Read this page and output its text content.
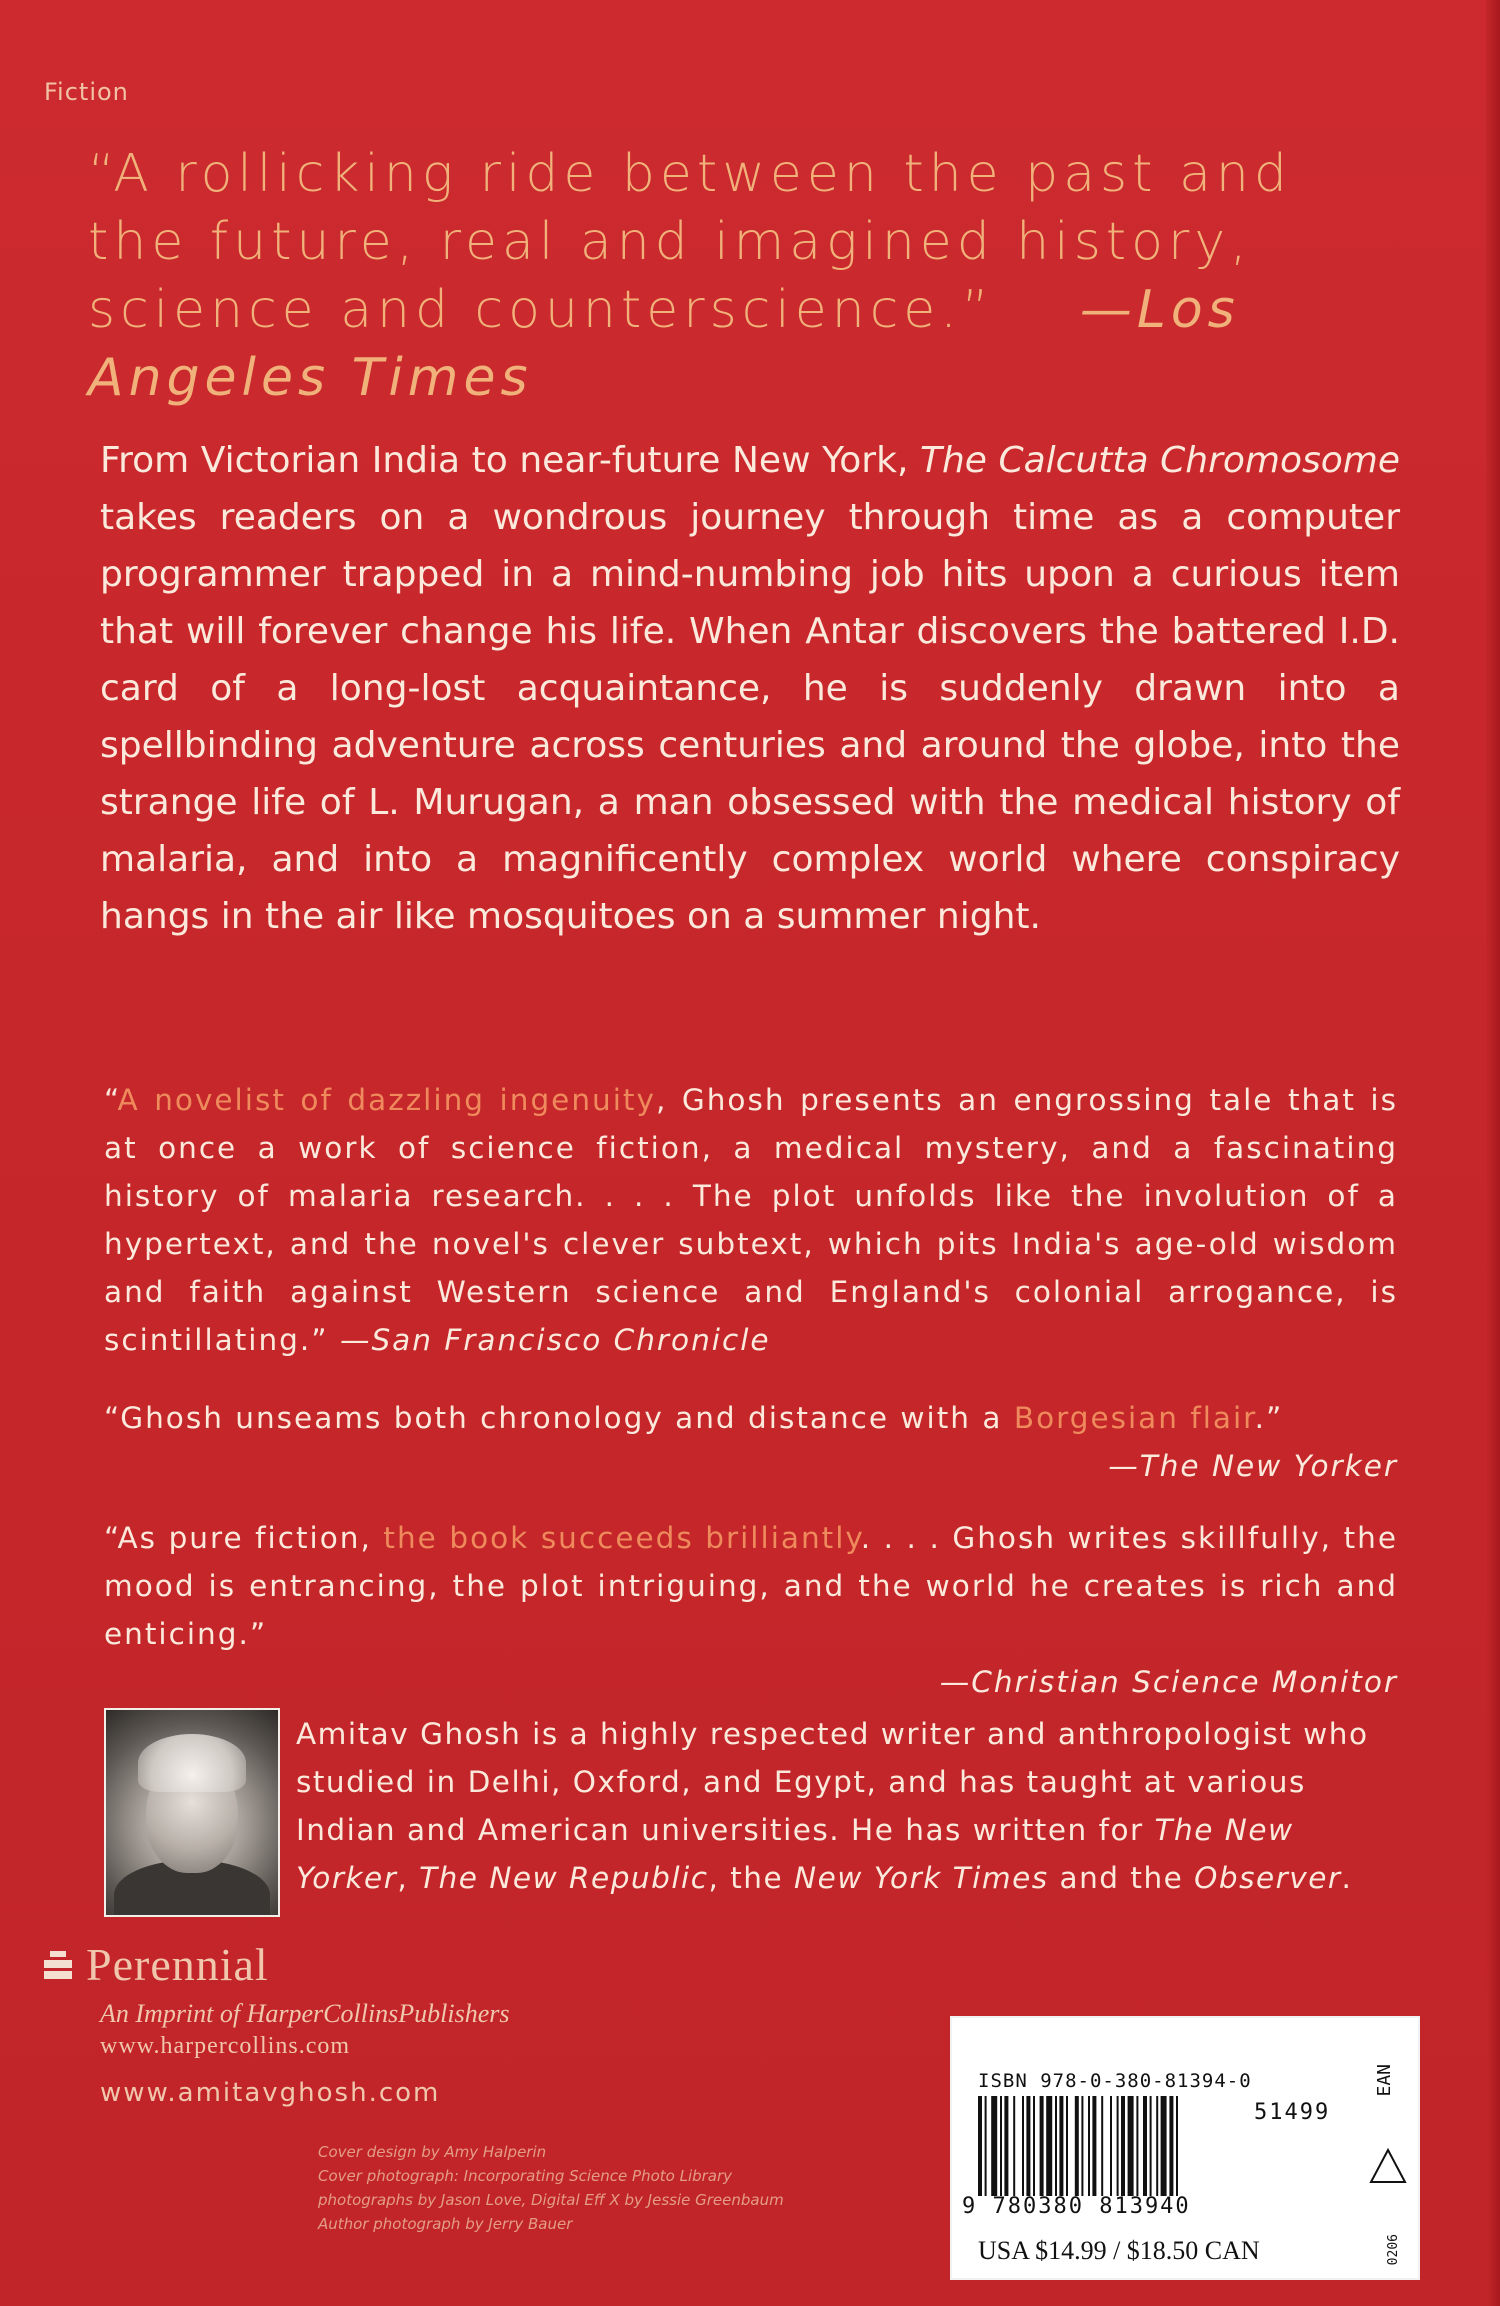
Fiction
“A rollicking ride between the past and the future, real and imagined history, science and counterscience.” —Los Angeles Times
From Victorian India to near-future New York, The Calcutta Chromosome takes readers on a wondrous journey through time as a computer programmer trapped in a mind-numbing job hits upon a curious item that will forever change his life. When Antar discovers the battered I.D. card of a long-lost acquaintance, he is suddenly drawn into a spellbinding adventure across centuries and around the globe, into the strange life of L. Murugan, a man obsessed with the medical history of malaria, and into a magnificently complex world where conspiracy hangs in the air like mosquitoes on a summer night.
“A novelist of dazzling ingenuity, Ghosh presents an engrossing tale that is at once a work of science fiction, a medical mystery, and a fascinating history of malaria research. . . . The plot unfolds like the involution of a hypertext, and the novel's clever subtext, which pits India's age-old wisdom and faith against Western science and England's colonial arrogance, is scintillating.” —San Francisco Chronicle
“Ghosh unseams both chronology and distance with a Borgesian flair.”
—The New Yorker
“As pure fiction, the book succeeds brilliantly. . . . Ghosh writes skillfully, the mood is entrancing, the plot intriguing, and the world he creates is rich and enticing.”
—Christian Science Monitor
Amitav Ghosh is a highly respected writer and anthropologist who studied in Delhi, Oxford, and Egypt, and has taught at various Indian and American universities. He has written for The New Yorker, The New Republic, the New York Times and the Observer.
Perennial
An Imprint of HarperCollinsPublishers
www.harpercollins.com
www.amitavghosh.com
Cover design by Amy Halperin
Cover photograph: Incorporating Science Photo Library
photographs by Jason Love, Digital Eff X by Jessie Greenbaum
Author photograph by Jerry Bauer
ISBN 978-0-380-81394-0
51499
EAN
9 780380 813940
USA $14.99 / $18.50 CAN	0206
